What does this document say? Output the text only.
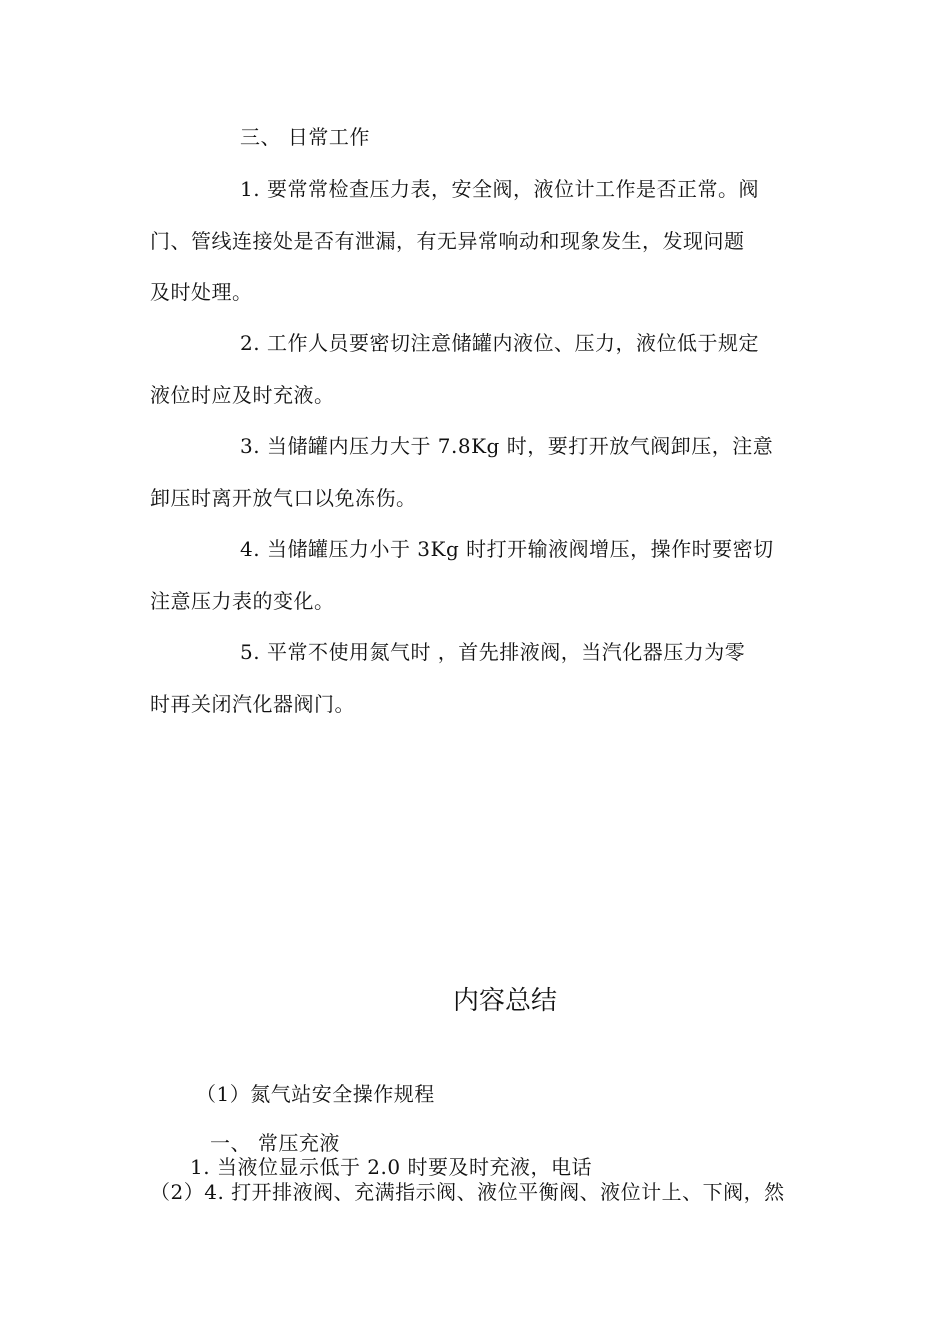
三、 日常工作
1. 要常常检查压力表，安全阀，液位计工作是否正常。阀
门、管线连接处是否有泄漏，有无异常响动和现象发生，发现问题
及时处理。
2. 工作人员要密切注意储罐内液位、压力，液位低于规定
液位时应及时充液。
3. 当储罐内压力大于 7.8Kg 时，要打开放气阀卸压，注意
卸压时离开放气口以免冻伤。
4. 当储罐压力小于 3Kg 时打开输液阀增压，操作时要密切
注意压力表的变化。
5. 平常不使用氮气时 ，首先排液阀，当汽化器压力为零
时再关闭汽化器阀门。
内容总结
（1）氮气站安全操作规程
一、 常压充液
1. 当液位显示低于 2.0 时要及时充液，电话
（2）4. 打开排液阀、充满指示阀、液位平衡阀、液位计上、下阀，然
